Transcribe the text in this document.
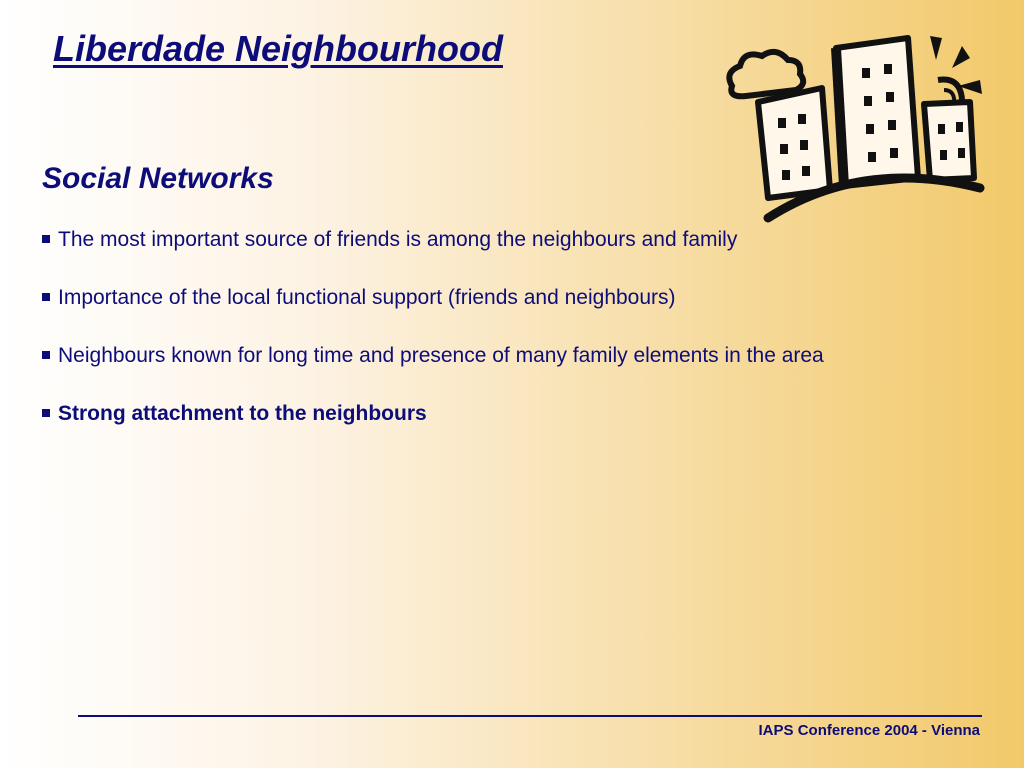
Liberdade Neighbourhood
Social Networks
The most important source of friends is among the neighbours and family
Importance of the local functional support (friends and neighbours)
Neighbours known for long time and presence of many family elements in the area
Strong attachment to the neighbours
IAPS Conference 2004 - Vienna
